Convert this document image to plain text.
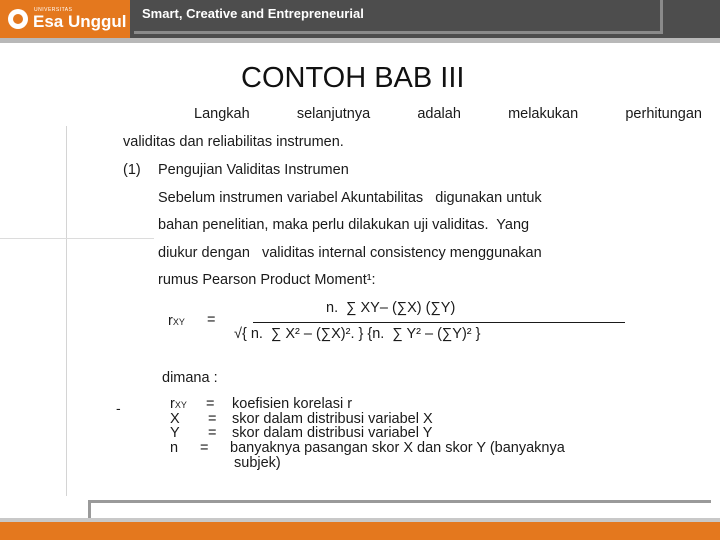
UNIVERSITAS
Esa Unggul Smart, Creative and Entrepreneurial
CONTOH BAB III
Langkah	selanjutnya	adalah	melakukan	perhitungan
validitas dan reliabilitas instrumen.
(1) Pengujian Validitas Instrumen
Sebelum instrumen variabel Akuntabilitas   digunakan untuk
bahan penelitian, maka perlu dilakukan uji validitas.  Yang
diukur dengan   validitas internal consistency menggunakan
rumus Pearson Product Moment¹:
rXY =
n.  ∑ XY– (∑X) (∑Y)
√{ n.  ∑ X² – (∑X)². } {n.  ∑ Y² – (∑Y)² }
dimana :
-	rXY = koefisien korelasi r
X = skor dalam distribusi variabel X
Y = skor dalam distribusi variabel Y
n = banyaknya pasangan skor X dan skor Y (banyaknya
subjek)
